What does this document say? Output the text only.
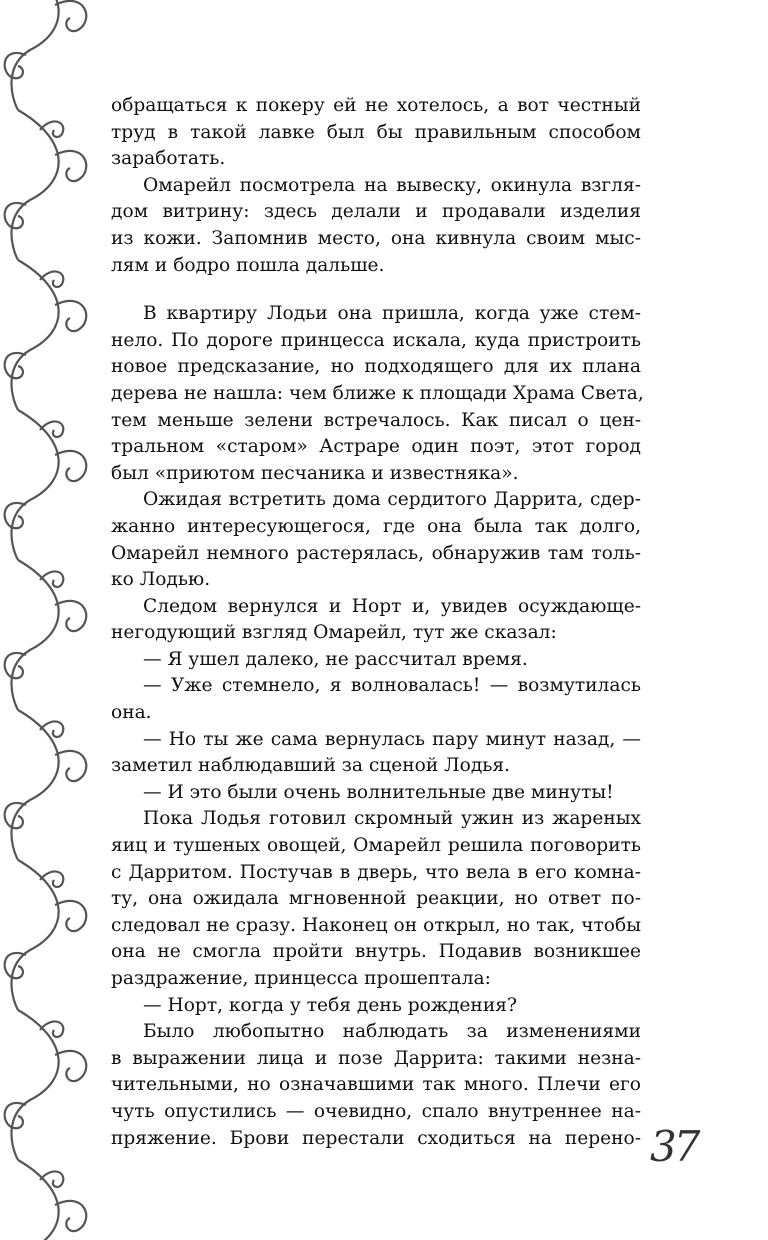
обращаться к покеру ей не хотелось, а вот честный
труд в такой лавке был бы правильным способом
заработать.
Омарейл посмотрела на вывеску, окинула взгля-
дом витрину: здесь делали и продавали изделия
из кожи. Запомнив место, она кивнула своим мыс-
лям и бодро пошла дальше.
В квартиру Лодьи она пришла, когда уже стем-
нело. По дороге принцесса искала, куда пристроить
новое предсказание, но подходящего для их плана
дерева не нашла: чем ближе к площади Храма Света,
тем меньше зелени встречалось. Как писал о цен-
тральном «старом» Астраре один поэт, этот город
был «приютом песчаника и известняка».
Ожидая встретить дома сердитого Даррита, сдер-
жанно интересующегося, где она была так долго,
Омарейл немного растерялась, обнаружив там толь-
ко Лодью.
Следом вернулся и Норт и, увидев осуждающе-
негодующий взгляд Омарейл, тут же сказал:
— Я ушел далеко, не рассчитал время.
— Уже стемнело, я волновалась! — возмутилась
она.
— Но ты же сама вернулась пару минут назад, —
заметил наблюдавший за сценой Лодья.
— И это были очень волнительные две минуты!
Пока Лодья готовил скромный ужин из жареных
яиц и тушеных овощей, Омарейл решила поговорить
с Дарритом. Постучав в дверь, что вела в его комна-
ту, она ожидала мгновенной реакции, но ответ по-
следовал не сразу. Наконец он открыл, но так, чтобы
она не смогла пройти внутрь. Подавив возникшее
раздражение, принцесса прошептала:
— Норт, когда у тебя день рождения?
Было любопытно наблюдать за изменениями
в выражении лица и позе Даррита: такими незна-
чительными, но означавшими так много. Плечи его
чуть опустились — очевидно, спало внутреннее на-
пряжение. Брови перестали сходиться на перено- 37
